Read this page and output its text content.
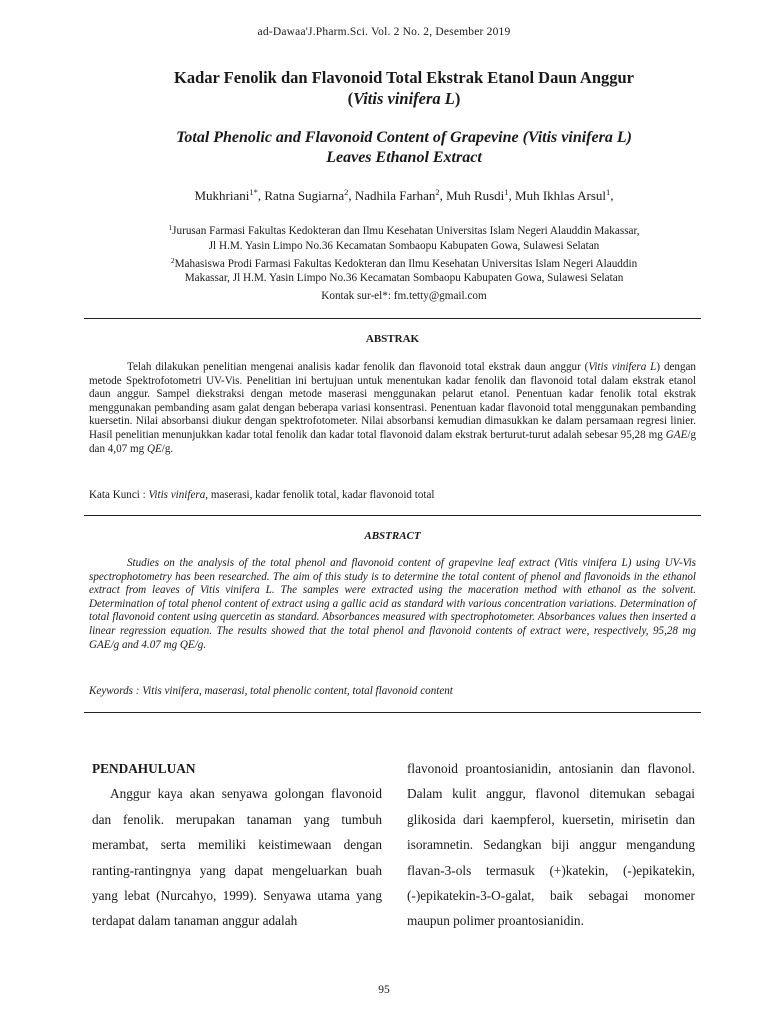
ad-Dawaa'J.Pharm.Sci. Vol. 2 No. 2, Desember 2019
Kadar Fenolik dan Flavonoid Total Ekstrak Etanol Daun Anggur
(Vitis vinifera L)
Total Phenolic and Flavonoid Content of Grapevine (Vitis vinifera L)
Leaves Ethanol Extract
Mukhriani$^{1*}$, Ratna Sugiarna$^2$, Nadhila Farhan$^2$, Muh Rusdi$^1$, Muh Ikhlas Arsul$^1$,
$^1$Jurusan Farmasi Fakultas Kedokteran dan Ilmu Kesehatan Universitas Islam Negeri Alauddin Makassar,
Jl H.M. Yasin Limpo No.36 Kecamatan Sombaopu Kabupaten Gowa, Sulawesi Selatan
$^2$Mahasiswa Prodi Farmasi Fakultas Kedokteran dan Ilmu Kesehatan Universitas Islam Negeri Alauddin
Makassar, Jl H.M. Yasin Limpo No.36 Kecamatan Sombaopu Kabupaten Gowa, Sulawesi Selatan
Kontak sur-el*: fm.tetty@gmail.com
ABSTRAK
Telah dilakukan penelitian mengenai analisis kadar fenolik dan flavonoid total ekstrak daun anggur (Vitis vinifera L) dengan metode Spektrofotometri UV-Vis. Penelitian ini bertujuan untuk menentukan kadar fenolik dan flavonoid total dalam ekstrak etanol daun anggur. Sampel diekstraksi dengan metode maserasi menggunakan pelarut etanol. Penentuan kadar fenolik total ekstrak menggunakan pembanding asam galat dengan beberapa variasi konsentrasi. Penentuan kadar flavonoid total menggunakan pembanding kuersetin. Nilai absorbansi diukur dengan spektrofotometer. Nilai absorbansi kemudian dimasukkan ke dalam persamaan regresi linier. Hasil penelitian menunjukkan kadar total fenolik dan kadar total flavonoid dalam ekstrak berturut-turut adalah sebesar 95,28 mg GAE/g dan 4,07 mg QE/g.
Kata Kunci : Vitis vinifera, maserasi, kadar fenolik total, kadar flavonoid total
ABSTRACT
Studies on the analysis of the total phenol and flavonoid content of grapevine leaf extract (Vitis vinifera L) using UV-Vis spectrophotometry has been researched. The aim of this study is to determine the total content of phenol and flavonoids in the ethanol extract from leaves of Vitis vinifera L. The samples were extracted using the maceration method with ethanol as the solvent. Determination of total phenol content of extract using a gallic acid as standard with various concentration variations. Determination of total flavonoid content using quercetin as standard. Absorbances measured with spectrophotometer. Absorbances values then inserted a linear regression equation. The results showed that the total phenol and flavonoid contents of extract were, respectively, 95,28 mg GAE/g and 4.07 mg QE/g.
Keywords : Vitis vinifera, maserasi, total phenolic content, total flavonoid content

PENDAHULUAN

Anggur kaya akan senyawa golongan flavonoid dan fenolik. merupakan tanaman yang tumbuh merambat, serta memiliki keistimewaan dengan ranting-rantingnya yang dapat mengeluarkan buah yang lebat (Nurcahyo, 1999). Senyawa utama yang terdapat dalam tanaman anggur adalah

flavonoid proantosianidin, antosianin dan flavonol. Dalam kulit anggur, flavonol ditemukan sebagai glikosida dari kaempferol, kuersetin, mirisetin dan isoramnetin. Sedangkan biji anggur mengandung flavan-3-ols termasuk (+)katekin, (-)epikatekin, (-)epikatekin-3-O-galat, baik sebagai monomer maupun polimer proantosianidin.

95
